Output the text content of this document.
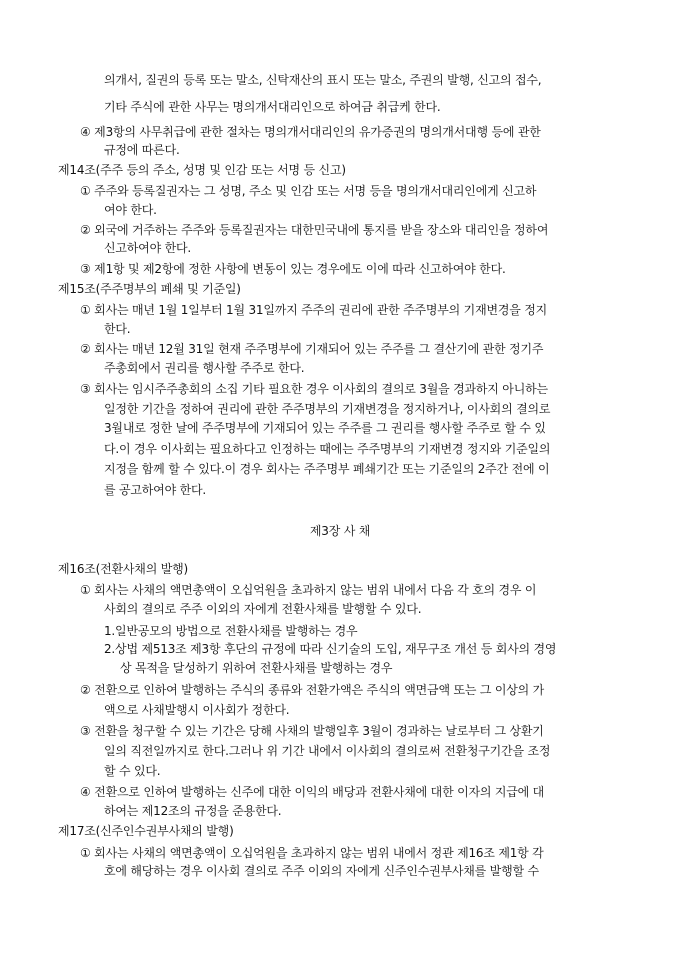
의개서, 질권의 등록 또는 말소, 신탁재산의 표시 또는 말소, 주권의 발행, 신고의 접수,
기타 주식에 관한 사무는 명의개서대리인으로 하여금 취급케 한다.
④ 제3항의 사무취급에 관한 절차는 명의개서대리인의 유가증권의 명의개서대행 등에 관한
규정에 따른다.
제14조(주주 등의 주소, 성명 및 인감 또는 서명 등 신고)
① 주주와 등록질권자는 그 성명, 주소 및 인감 또는 서명 등을 명의개서대리인에게 신고하
여야 한다.
② 외국에 거주하는 주주와 등록질권자는 대한민국내에 통지를 받을 장소와 대리인을 정하여
신고하여야 한다.
③ 제1항 및 제2항에 정한 사항에 변동이 있는 경우에도 이에 따라 신고하여야 한다.
제15조(주주명부의 폐쇄 및 기준일)
① 회사는 매년 1월 1일부터 1월 31일까지 주주의 권리에 관한 주주명부의 기재변경을 정지
한다.
② 회사는 매년 12월 31일 현재 주주명부에 기재되어 있는 주주를 그 결산기에 관한 정기주
주총회에서 권리를 행사할 주주로 한다.
③ 회사는 임시주주총회의 소집 기타 필요한 경우 이사회의 결의로 3월을 경과하지 아니하는
일정한 기간을 정하여 권리에 관한 주주명부의 기재변경을 정지하거나, 이사회의 결의로
3월내로 정한 날에 주주명부에 기재되어 있는 주주를 그 권리를 행사할 주주로 할 수 있
다.이 경우 이사회는 필요하다고 인정하는 때에는 주주명부의 기재변경 정지와 기준일의
지정을 함께 할 수 있다.이 경우 회사는 주주명부 폐쇄기간 또는 기준일의 2주간 전에 이
를 공고하여야 한다.
제3장 사 채
제16조(전환사채의 발행)
① 회사는 사채의 액면총액이 오십억원을 초과하지 않는 범위 내에서 다음 각 호의 경우 이
사회의 결의로 주주 이외의 자에게 전환사채를 발행할 수 있다.
1.일반공모의 방법으로 전환사채를 발행하는 경우
2.상법 제513조 제3항 후단의 규정에 따라 신기술의 도입, 재무구조 개선 등 회사의 경영
상 목적을 달성하기 위하여 전환사채를 발행하는 경우
② 전환으로 인하여 발행하는 주식의 종류와 전환가액은 주식의 액면금액 또는 그 이상의 가
액으로 사채발행시 이사회가 정한다.
③ 전환을 청구할 수 있는 기간은 당해 사채의 발행일후 3월이 경과하는 날로부터 그 상환기
일의 직전일까지로 한다.그러나 위 기간 내에서 이사회의 결의로써 전환청구기간을 조정
할 수 있다.
④ 전환으로 인하여 발행하는 신주에 대한 이익의 배당과 전환사채에 대한 이자의 지급에 대
하여는 제12조의 규정을 준용한다.
제17조(신주인수권부사채의 발행)
① 회사는 사채의 액면총액이 오십억원을 초과하지 않는 범위 내에서 정관 제16조 제1항 각
호에 해당하는 경우 이사회 결의로 주주 이외의 자에게 신주인수권부사채를 발행할 수
